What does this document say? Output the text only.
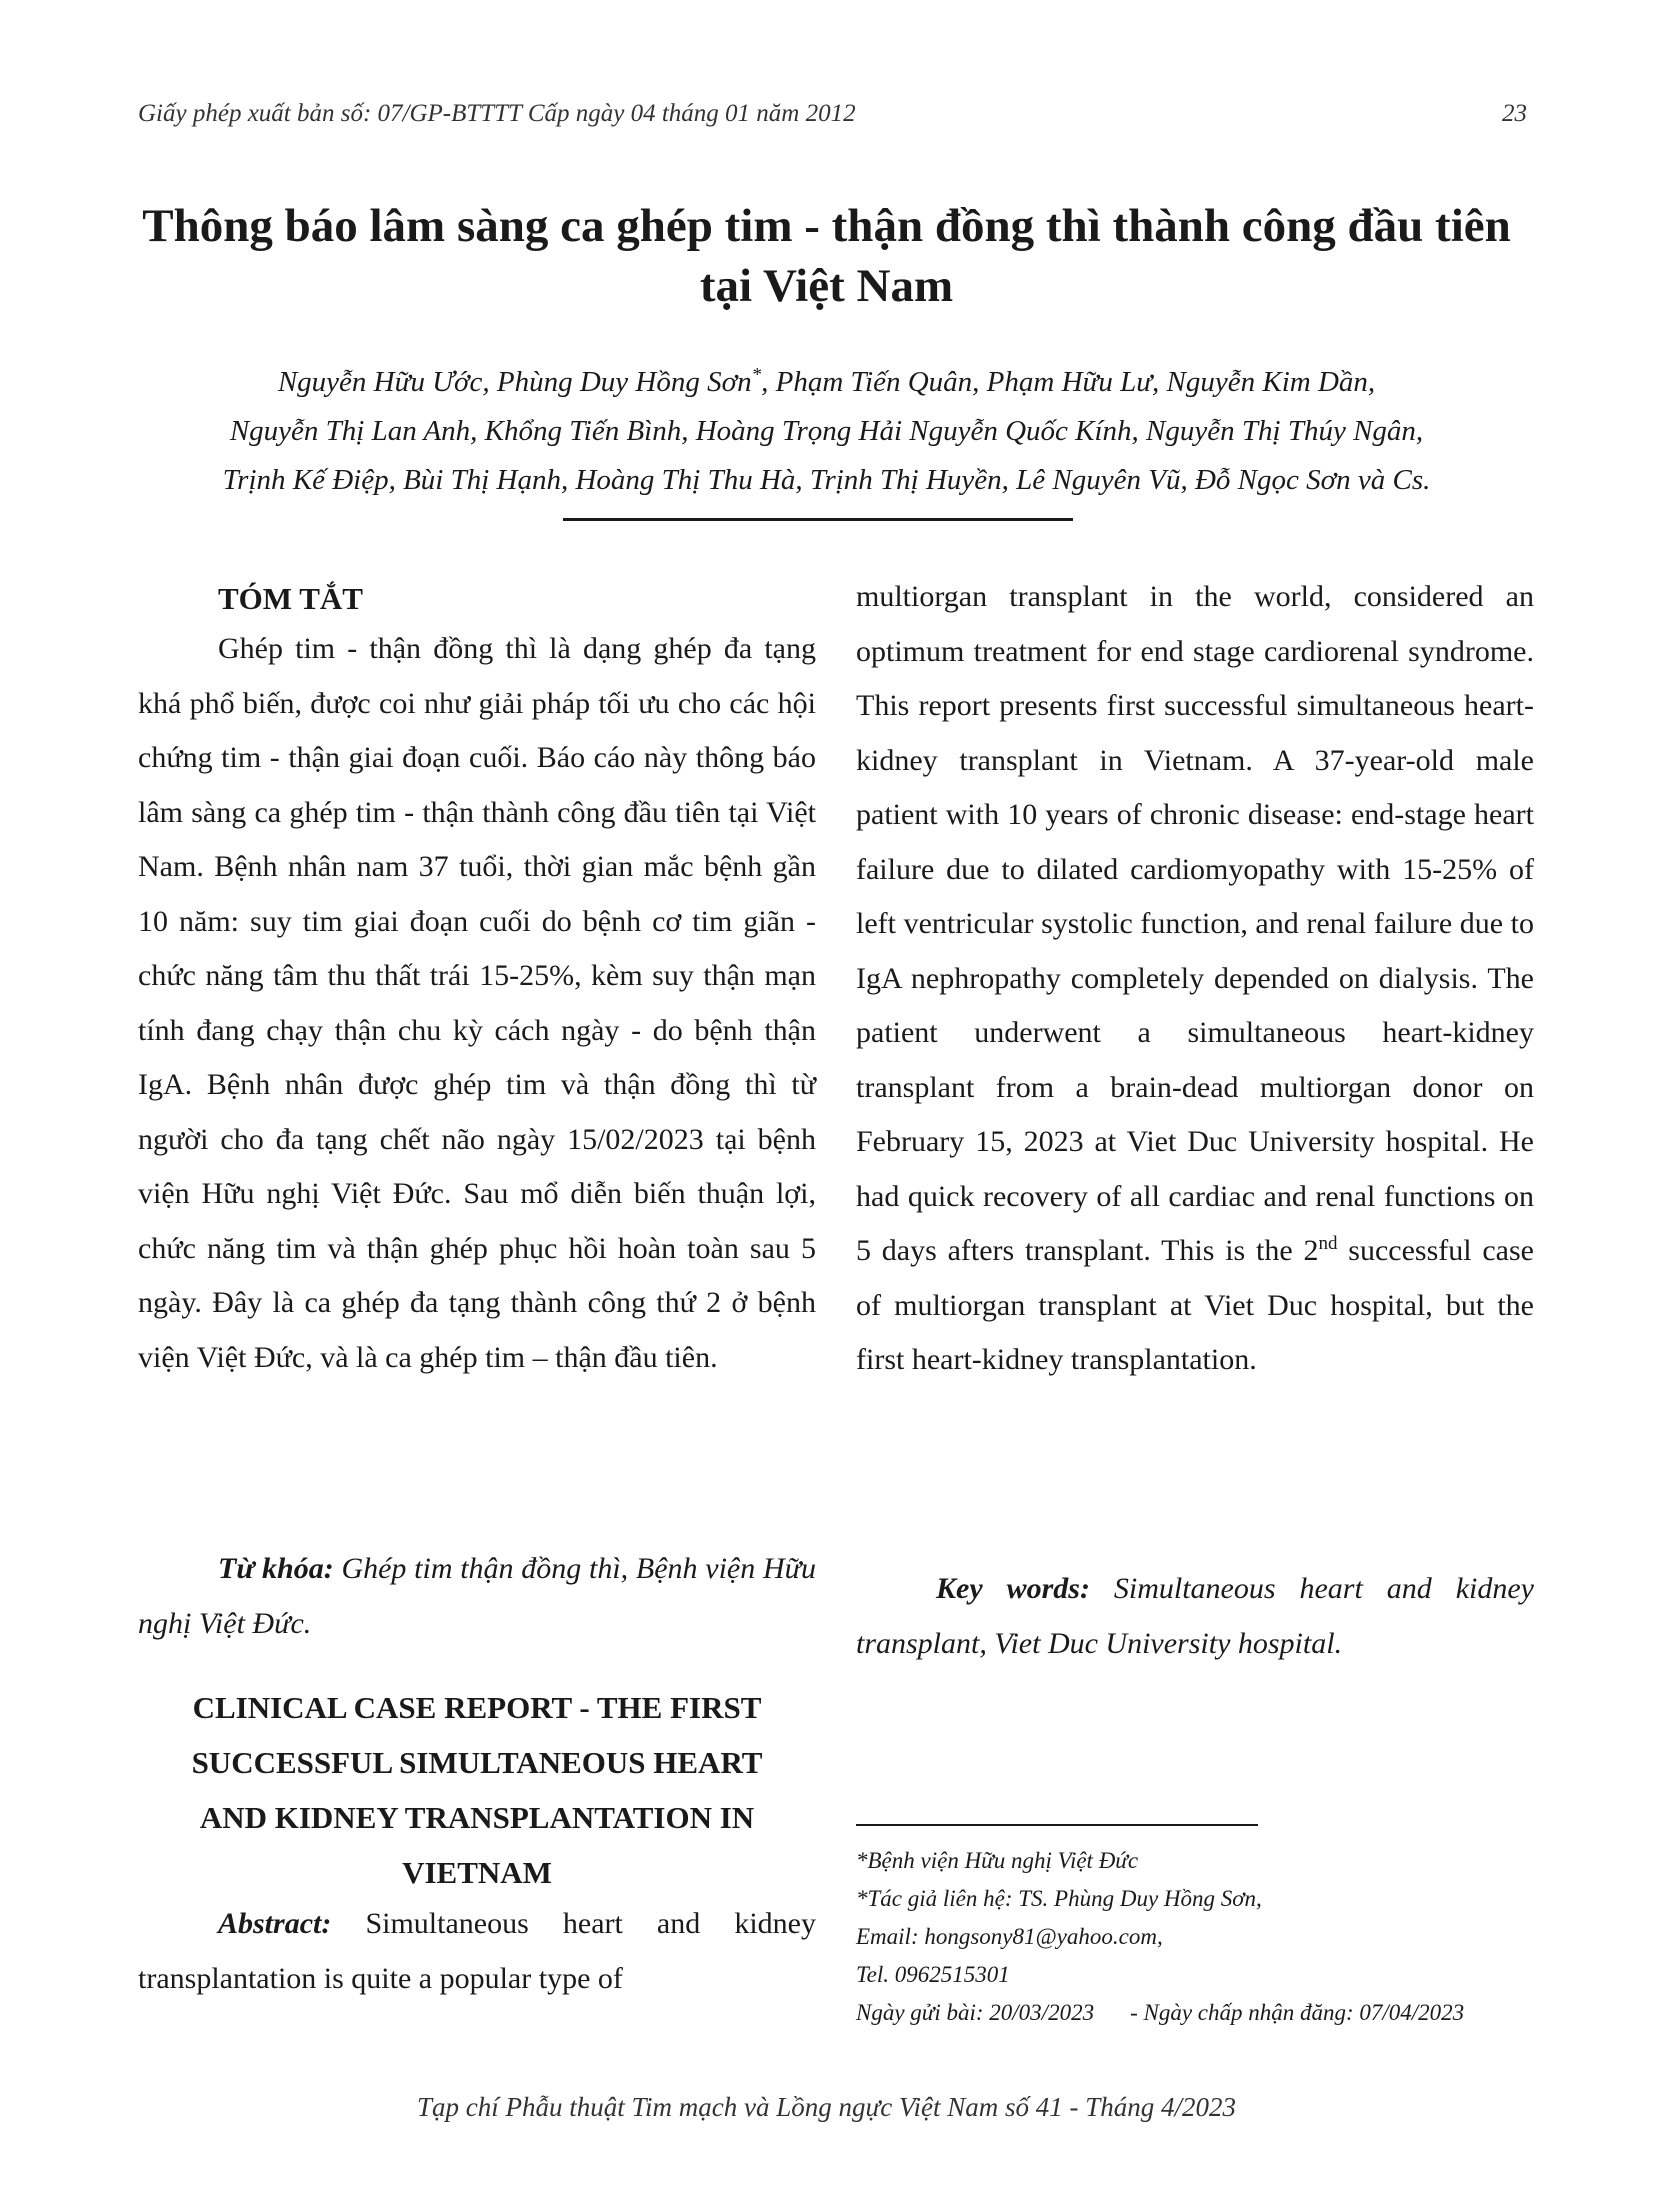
Giấy phép xuất bản số: 07/GP-BTTTT Cấp ngày 04 tháng 01 năm 2012	23
Thông báo lâm sàng ca ghép tim - thận đồng thì thành công đầu tiên tại Việt Nam
Nguyễn Hữu Ước, Phùng Duy Hồng Sơn*, Phạm Tiến Quân, Phạm Hữu Lư, Nguyễn Kim Dần,
Nguyễn Thị Lan Anh, Khổng Tiến Bình, Hoàng Trọng Hải Nguyễn Quốc Kính, Nguyễn Thị Thúy Ngân,
Trịnh Kế Điệp, Bùi Thị Hạnh, Hoàng Thị Thu Hà, Trịnh Thị Huyền, Lê Nguyên Vũ, Đỗ Ngọc Sơn và Cs.
TÓM TẮT

Ghép tim - thận đồng thì là dạng ghép đa tạng khá phổ biến, được coi như giải pháp tối ưu cho các hội chứng tim - thận giai đoạn cuối. Báo cáo này thông báo lâm sàng ca ghép tim - thận thành công đầu tiên tại Việt Nam. Bệnh nhân nam 37 tuổi, thời gian mắc bệnh gần 10 năm: suy tim giai đoạn cuối do bệnh cơ tim giãn - chức năng tâm thu thất trái 15-25%, kèm suy thận mạn tính đang chạy thận chu kỳ cách ngày - do bệnh thận IgA. Bệnh nhân được ghép tim và thận đồng thì từ người cho đa tạng chết não ngày 15/02/2023 tại bệnh viện Hữu nghị Việt Đức. Sau mổ diễn biến thuận lợi, chức năng tim và thận ghép phục hồi hoàn toàn sau 5 ngày. Đây là ca ghép đa tạng thành công thứ 2 ở bệnh viện Việt Đức, và là ca ghép tim – thận đầu tiên.

Từ khóa: Ghép tim thận đồng thì, Bệnh viện Hữu nghị Việt Đức.

CLINICAL CASE REPORT - THE FIRST SUCCESSFUL SIMULTANEOUS HEART AND KIDNEY TRANSPLANTATION IN VIETNAM

Abstract: Simultaneous heart and kidney transplantation is quite a popular type of

multiorgan transplant in the world, considered an optimum treatment for end stage cardiorenal syndrome. This report presents first successful simultaneous heart-kidney transplant in Vietnam. A 37-year-old male patient with 10 years of chronic disease: end-stage heart failure due to dilated cardiomyopathy with 15-25% of left ventricular systolic function, and renal failure due to IgA nephropathy completely depended on dialysis. The patient underwent a simultaneous heart-kidney transplant from a brain-dead multiorgan donor on February 15, 2023 at Viet Duc University hospital. He had quick recovery of all cardiac and renal functions on 5 days afters transplant. This is the 2nd successful case of multiorgan transplant at Viet Duc hospital, but the first heart-kidney transplantation.

Key words: Simultaneous heart and kidney transplant, Viet Duc University hospital.

*Bệnh viện Hữu nghị Việt Đức
*Tác giả liên hệ: TS. Phùng Duy Hồng Sơn,
Email: hongsony81@yahoo.com,
Tel. 0962515301
Ngày gửi bài: 20/03/2023 - Ngày chấp nhận đăng: 07/04/2023
Tạp chí Phẫu thuật Tim mạch và Lồng ngực Việt Nam số 41 - Tháng 4/2023
